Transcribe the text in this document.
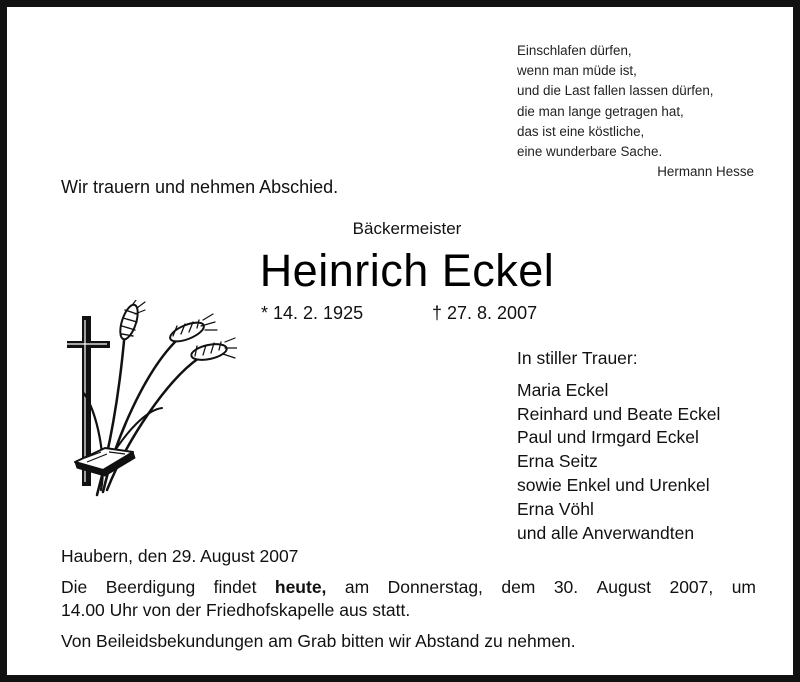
Einschlafen dürfen,
wenn man müde ist,
und die Last fallen lassen dürfen,
die man lange getragen hat,
das ist eine köstliche,
eine wunderbare Sache.
Hermann Hesse
Wir trauern und nehmen Abschied.
Bäckermeister
Heinrich Eckel
* 14. 2. 1925	† 27. 8. 2007
In stiller Trauer:
Maria Eckel
Reinhard und Beate Eckel
Paul und Irmgard Eckel
Erna Seitz
sowie Enkel und Urenkel
Erna Vöhl
und alle Anverwandten
Haubern, den 29. August 2007
Die Beerdigung findet heute, am Donnerstag, dem 30. August 2007, um
14.00 Uhr von der Friedhofskapelle aus statt.
Von Beileidsbekundungen am Grab bitten wir Abstand zu nehmen.
